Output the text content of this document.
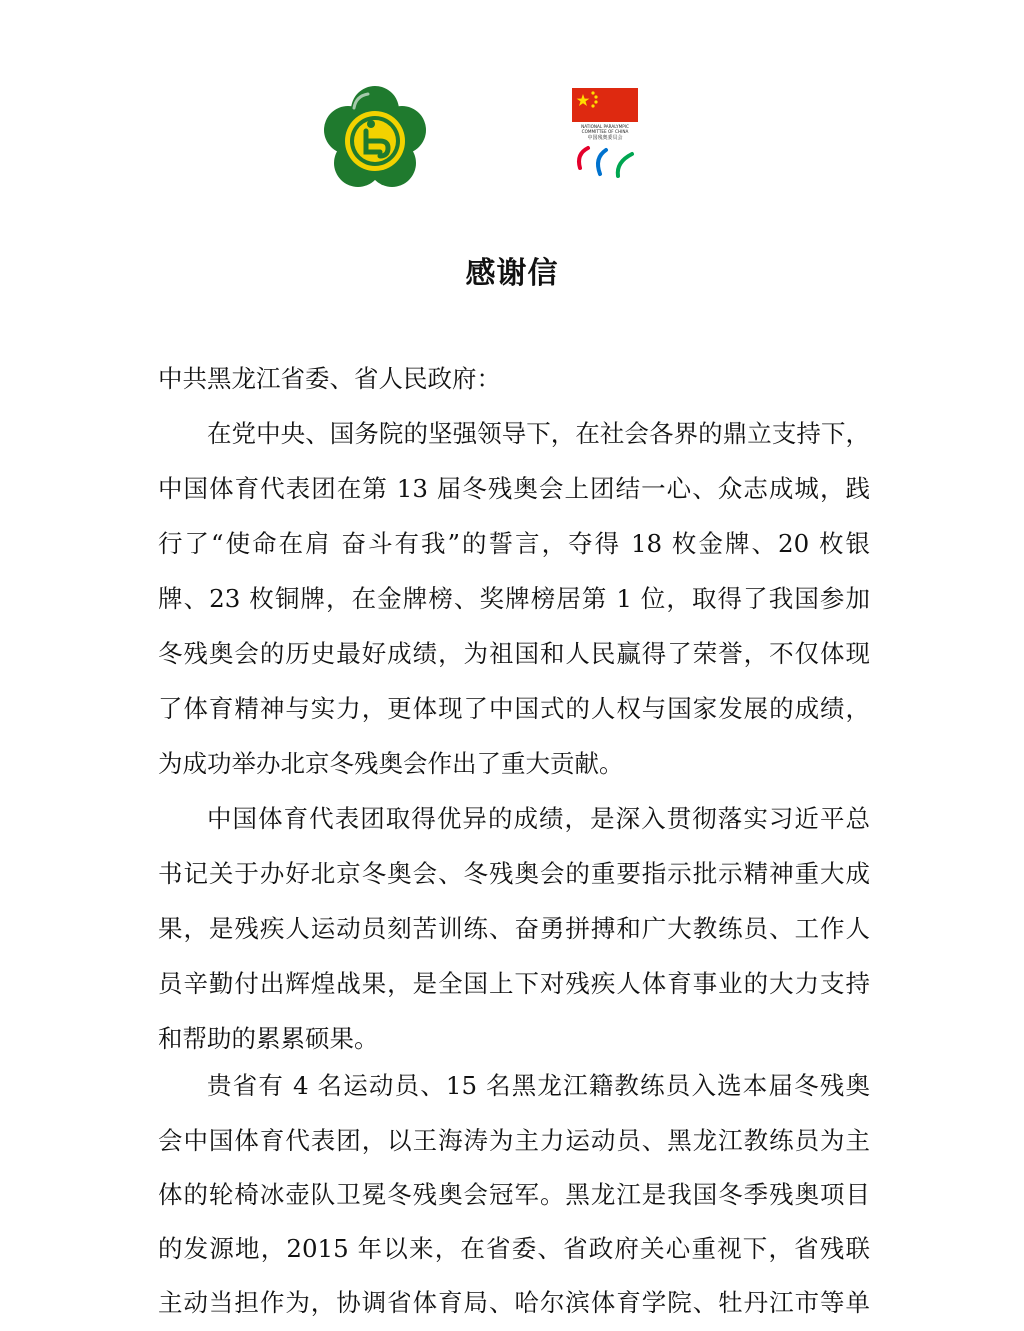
NATIONAL PARALYMPIC
COMMITTEE OF CHINA
中国残奥委员会
感谢信
中共黑龙江省委、省人民政府：
在党中央、国务院的坚强领导下，在社会各界的鼎立支持下，
中国体育代表团在第 13 届冬残奥会上团结一心、众志成城，践
行了“使命在肩 奋斗有我”的誓言，夺得 18 枚金牌、20 枚银
牌、23 枚铜牌，在金牌榜、奖牌榜居第 1 位，取得了我国参加
冬残奥会的历史最好成绩，为祖国和人民赢得了荣誉，不仅体现
了体育精神与实力，更体现了中国式的人权与国家发展的成绩，
为成功举办北京冬残奥会作出了重大贡献。
中国体育代表团取得优异的成绩，是深入贯彻落实习近平总
书记关于办好北京冬奥会、冬残奥会的重要指示批示精神重大成
果，是残疾人运动员刻苦训练、奋勇拼搏和广大教练员、工作人
员辛勤付出辉煌战果，是全国上下对残疾人体育事业的大力支持
和帮助的累累硕果。
贵省有 4 名运动员、15 名黑龙江籍教练员入选本届冬残奥
会中国体育代表团，以王海涛为主力运动员、黑龙江教练员为主
体的轮椅冰壶队卫冕冬残奥会冠军。黑龙江是我国冬季残奥项目
的发源地，2015 年以来，在省委、省政府关心重视下，省残联
主动当担作为，协调省体育局、哈尔滨体育学院、牡丹江市等单
